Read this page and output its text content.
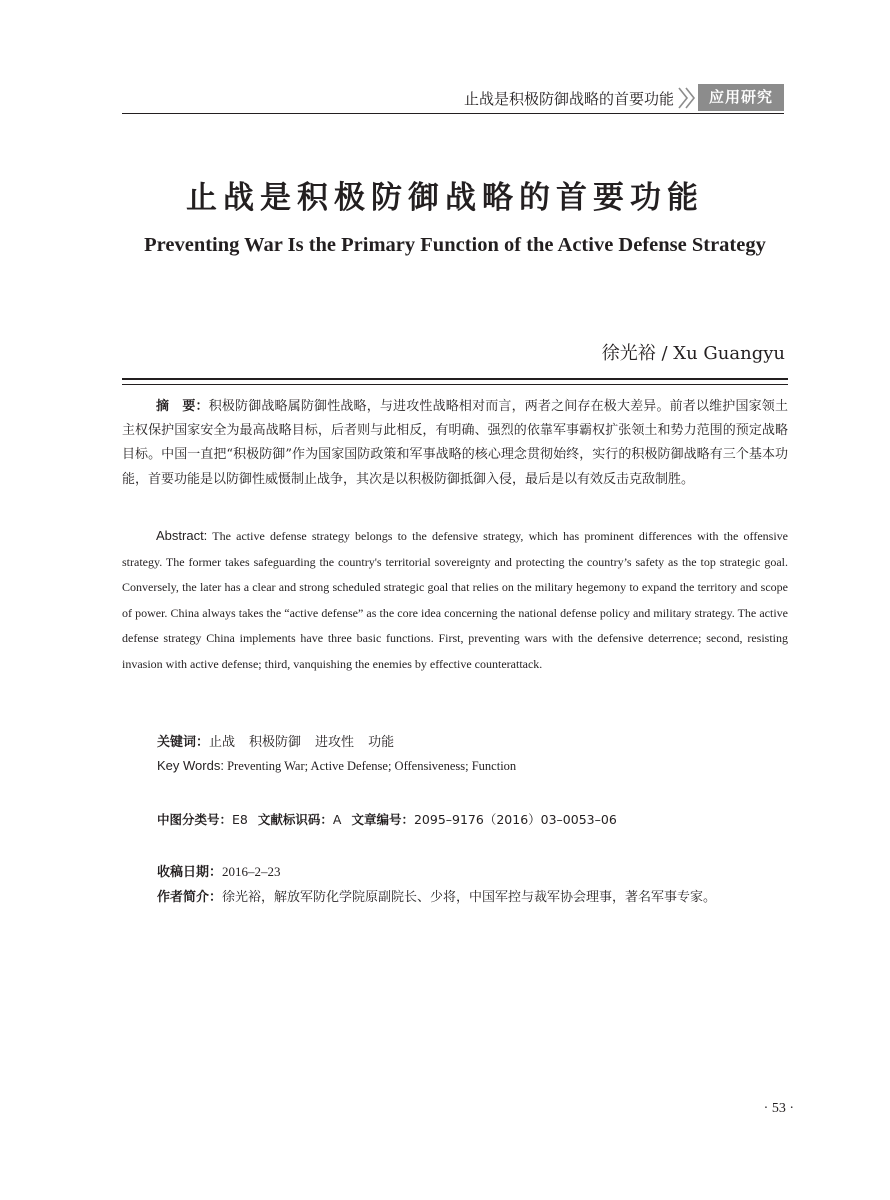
止战是积极防御战略的首要功能	应用研究
止战是积极防御战略的首要功能
Preventing War Is the Primary Function of the Active Defense Strategy
徐光裕 / Xu Guangyu

摘　要：积极防御战略属防御性战略，与进攻性战略相对而言，两者之间存在极大差异。前者以维护国家领土主权保护国家安全为最高战略目标，后者则与此相反，有明确、强烈的依靠军事霸权扩张领土和势力范围的预定战略目标。中国一直把“积极防御”作为国家国防政策和军事战略的核心理念贯彻始终，实行的积极防御战略有三个基本功能，首要功能是以防御性威慑制止战争，其次是以积极防御抵御入侵，最后是以有效反击克敌制胜。

Abstract: The active defense strategy belongs to the defensive strategy, which has prominent differences with the offensive strategy. The former takes safeguarding the country's territorial sovereignty and protecting the country’s safety as the top strategic goal. Conversely, the later has a clear and strong scheduled strategic goal that relies on the military hegemony to expand the territory and scope of power. China always takes the “active defense” as the core idea concerning the national defense policy and military strategy. The active defense strategy China implements have three basic functions. First, preventing wars with the defensive deterrence; second, resisting invasion with active defense; third, vanquishing the enemies by effective counterattack.

关键词：止战 积极防御 进攻性 功能
Key Words: Preventing War; Active Defense; Offensiveness; Function
中图分类号：E8 文献标识码：A 文章编号：2095–9176（2016）03–0053–06
收稿日期：2016–2–23
作者简介：徐光裕，解放军防化学院原副院长、少将，中国军控与裁军协会理事，著名军事专家。
· 53 ·
